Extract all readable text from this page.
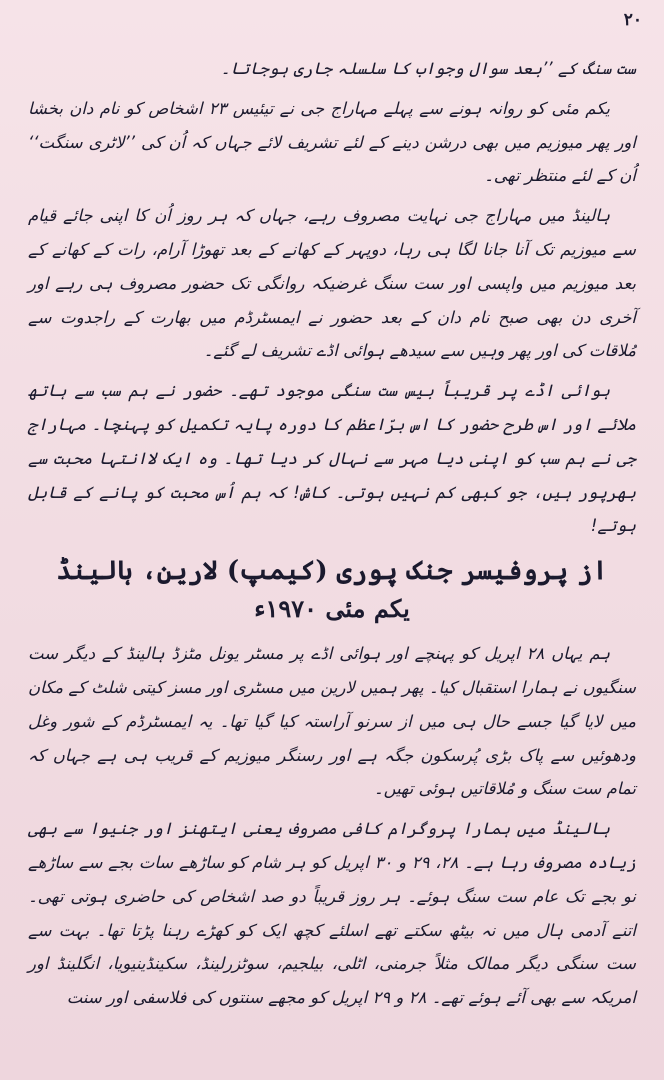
۲۰

ست سنگ کے ’’بعد سوال وجواب کا سلسلہ جاری ہوجاتا۔

یکم مئی کو روانہ ہونے سے پہلے مہاراج جی نے تیئیس ۲۳ اشخاص کو نام دان بخشا اور پھر میوزیم میں بھی درشن دینے کے لئے تشریف لائے جہاں کہ اُن کی ’’لاٹری سنگت‘‘ اُن کے لئے منتظر تھی۔

ہالینڈ میں مہاراج جی نہایت مصروف رہے، جہاں کہ ہر روز اُن کا اپنی جائے قیام سے میوزیم تک آنا جانا لگا ہی رہا، دوپہر کے کھانے کے بعد تھوڑا آرام، رات کے کھانے کے بعد میوزیم میں واپسی اور ست سنگ غرضیکہ روانگی تک حضور مصروف ہی رہے اور آخری دن بھی صبح نام دان کے بعد حضور نے ایمسٹرڈم میں بھارت کے راجدوت سے مُلاقات کی اور پھر وہیں سے سیدھے ہوائی اڈے تشریف لے گئے۔

ہوائی اڈے پر قریباً بیس ست سنگی موجود تھے۔ حضور نے ہم سب سے ہاتھ ملائے اور اس طرح حضور کا اس برّاعظم کا دورہ پایہ تکمیل کو پہنچا۔ مہاراج جی نے ہم سب کو اپنی دیا مہر سے نہال کر دیا تھا۔ وہ ایک لاانتہا محبت سے بھرپور ہیں، جو کبھی کم نہیں ہوتی۔ کاش! کہ ہم اُس محبت کو پانے کے قابل ہوتے!

از پروفیسر جنک پوری (کیمپ) لارین، ہالینڈ
یکم مئی ۱۹۷۰ء

ہم یہاں ۲۸ اپریل کو پہنچے اور ہوائی اڈے پر مسٹر یونل مٹزڈ ہالینڈ کے دیگر ست سنگیوں نے ہمارا استقبال کیا۔ پھر ہمیں لارین میں مسٹری اور مسز کیتی شلٹ کے مکان میں لایا گیا جسے حال ہی میں از سرنو آراستہ کیا گیا تھا۔ یہ ایمسٹرڈم کے شور وغل ودھوئیں سے پاک بڑی پُرسکون جگہ ہے اور رسنگر میوزیم کے قریب ہی ہے جہاں کہ تمام ست سنگ و مُلاقاتیں ہوئی تھیں۔

ہالینڈ میں ہمارا پروگرام کافی مصروف یعنی ایتھنز اور جنیوا سے بھی زیادہ مصروف رہا ہے۔ ۲۸، ۲۹ و ۳۰ اپریل کو ہر شام کو ساڑھے سات بجے سے ساڑھے نو بجے تک عام ست سنگ ہوئے۔ ہر روز قریباً دو صد اشخاص کی حاضری ہوتی تھی۔ اتنے آدمی ہال میں نہ بیٹھ سکتے تھے اسلئے کچھ ایک کو کھڑے رہنا پڑتا تھا۔ بہت سے ست سنگی دیگر ممالک مثلاً جرمنی، اٹلی، بیلجیم، سوٹزرلینڈ، سکینڈینیویا، انگلینڈ اور امریکہ سے بھی آئے ہوئے تھے۔ ۲۸ و ۲۹ اپریل کو مجھے سنتوں کی فلاسفی اور سنت
